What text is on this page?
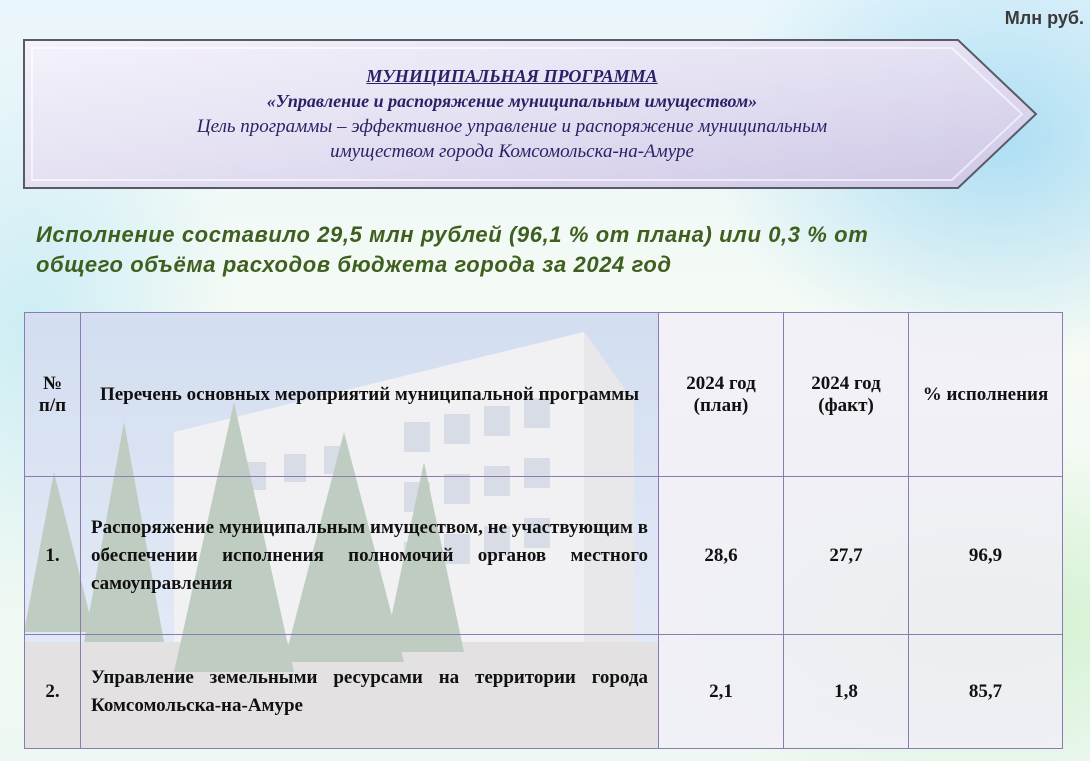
Млн руб.
МУНИЦИПАЛЬНАЯ ПРОГРАММА
«Управление и распоряжение муниципальным имуществом»
Цель программы – эффективное управление и распоряжение муниципальным
имуществом города Комсомольска-на-Амуре
Исполнение составило 29,5 млн рублей (96,1 % от плана) или 0,3 % от
общего объёма расходов бюджета города за 2024 год
№ п/п	Перечень основных мероприятий муниципальной программы	2024 год (план)	2024 год (факт)	% исполнения
1.	Распоряжение муниципальным имуществом, не участвующим в обеспечении исполнения полномочий органов местного самоуправления	28,6	27,7	96,9
2.	Управление земельными ресурсами на территории города Комсомольска-на-Амуре	2,1	1,8	85,7
